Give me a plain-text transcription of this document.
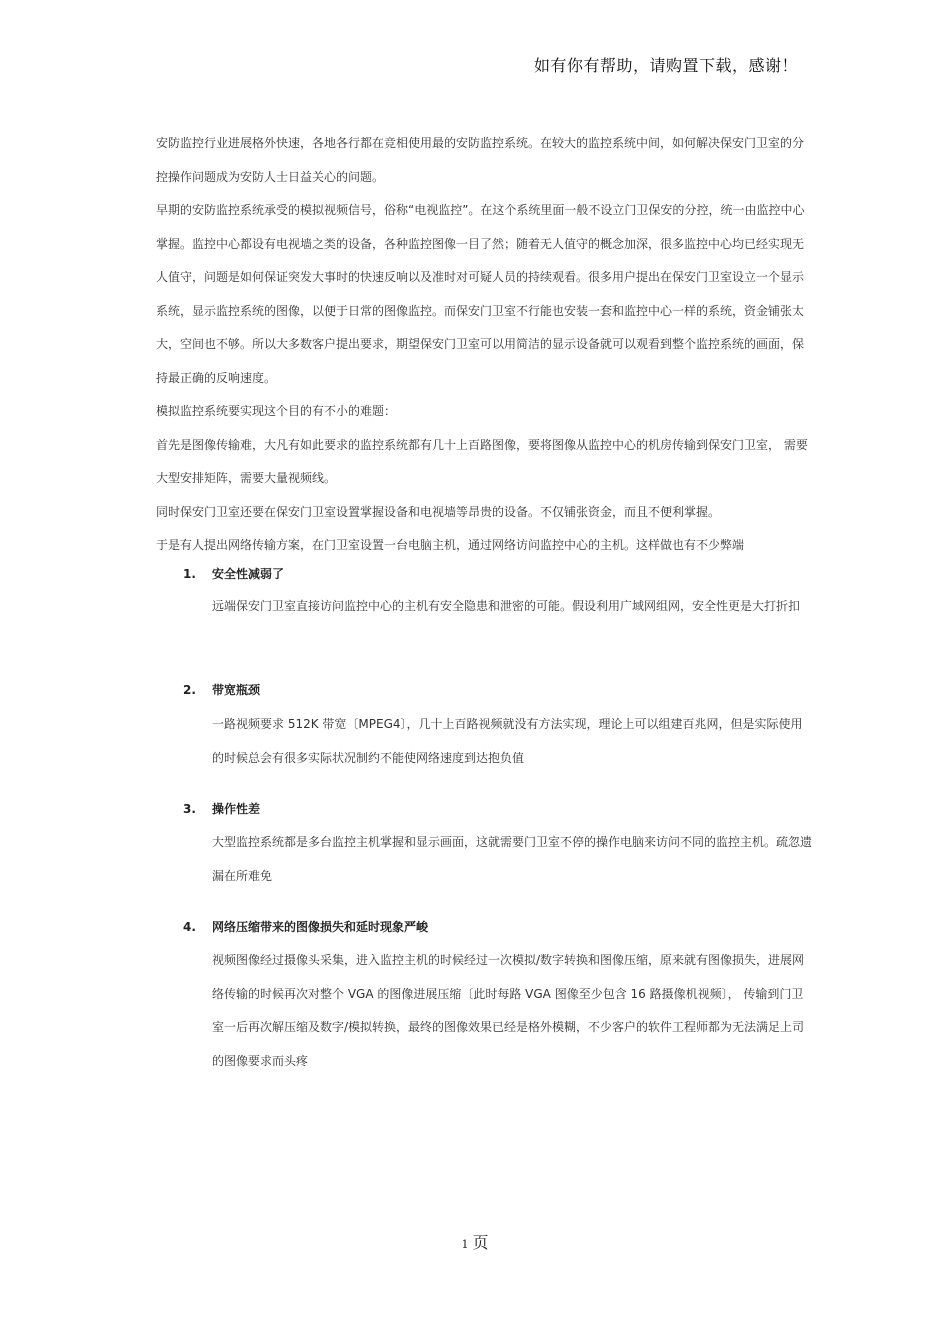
如有你有帮助，请购置下载，感谢！

安防监控行业进展格外快速，各地各行都在竞相使用最的安防监控系统。在较大的监控系统中间，如何解决保安门卫室的分控操作问题成为安防人士日益关心的问题。

早期的安防监控系统承受的模拟视频信号，俗称“电视监控”。在这个系统里面一般不设立门卫保安的分控，统一由监控中心掌握。监控中心都设有电视墙之类的设备，各种监控图像一目了然；随着无人值守的概念加深，很多监控中心均已经实现无人值守，问题是如何保证突发大事时的快速反响以及准时对可疑人员的持续观看。很多用户提出在保安门卫室设立一个显示系统，显示监控系统的图像，以便于日常的图像监控。而保安门卫室不行能也安装一套和监控中心一样的系统，资金铺张太大，空间也不够。所以大多数客户提出要求，期望保安门卫室可以用简洁的显示设备就可以观看到整个监控系统的画面，保持最正确的反响速度。

模拟监控系统要实现这个目的有不小的难题：

首先是图像传输难，大凡有如此要求的监控系统都有几十上百路图像，要将图像从监控中心的机房传输到保安门卫室， 需要大型安排矩阵，需要大量视频线。

同时保安门卫室还要在保安门卫室设置掌握设备和电视墙等昂贵的设备。不仅铺张资金，而且不便利掌握。

于是有人提出网络传输方案，在门卫室设置一台电脑主机，通过网络访问监控中心的主机。这样做也有不少弊端

1. 安全性减弱了
远端保安门卫室直接访问监控中心的主机有安全隐患和泄密的可能。假设利用广域网组网，安全性更是大打折扣
2. 带宽瓶颈
一路视频要求 512K 带宽〔MPEG4〕，几十上百路视频就没有方法实现，理论上可以组建百兆网，但是实际使用的时候总会有很多实际状况制约不能使网络速度到达抱负值
3. 操作性差
大型监控系统都是多台监控主机掌握和显示画面，这就需要门卫室不停的操作电脑来访问不同的监控主机。疏忽遗漏在所难免
4. 网络压缩带来的图像损失和延时现象严峻
视频图像经过摄像头采集，进入监控主机的时候经过一次模拟/数字转换和图像压缩，原来就有图像损失，进展网络传输的时候再次对整个 VGA 的图像进展压缩〔此时每路 VGA 图像至少包含 16 路摄像机视频〕， 传输到门卫室一后再次解压缩及数字/模拟转换，最终的图像效果已经是格外模糊，不少客户的软件工程师都为无法满足上司的图像要求而头疼
1 页
